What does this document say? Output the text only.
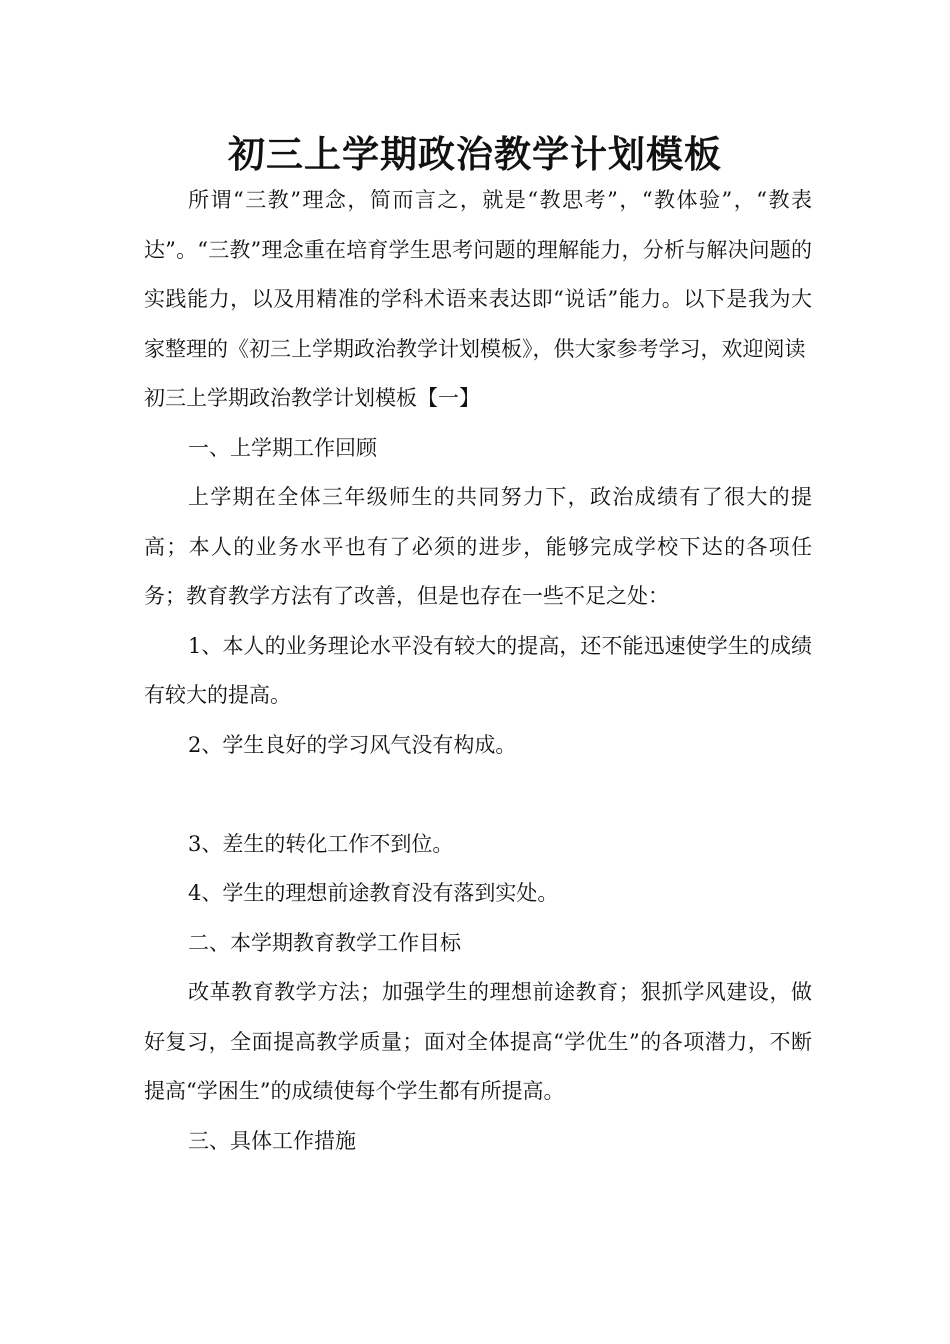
初三上学期政治教学计划模板

所谓“三教”理念，简而言之，就是“教思考”，“教体验”，“教表达”。“三教”理念重在培育学生思考问题的理解能力，分析与解决问题的实践能力，以及用精准的学科术语来表达即“说话”能力。以下是我为大家整理的《初三上学期政治教学计划模板》，供大家参考学习，欢迎阅读

初三上学期政治教学计划模板【一】

一、上学期工作回顾

上学期在全体三年级师生的共同努力下，政治成绩有了很大的提高；本人的业务水平也有了必须的进步，能够完成学校下达的各项任务；教育教学方法有了改善，但是也存在一些不足之处：

1、本人的业务理论水平没有较大的提高，还不能迅速使学生的成绩有较大的提高。

2、学生良好的学习风气没有构成。

3、差生的转化工作不到位。

4、学生的理想前途教育没有落到实处。

二、本学期教育教学工作目标

改革教育教学方法；加强学生的理想前途教育；狠抓学风建设，做好复习，全面提高教学质量；面对全体提高“学优生”的各项潜力，不断提高“学困生”的成绩使每个学生都有所提高。

三、具体工作措施
